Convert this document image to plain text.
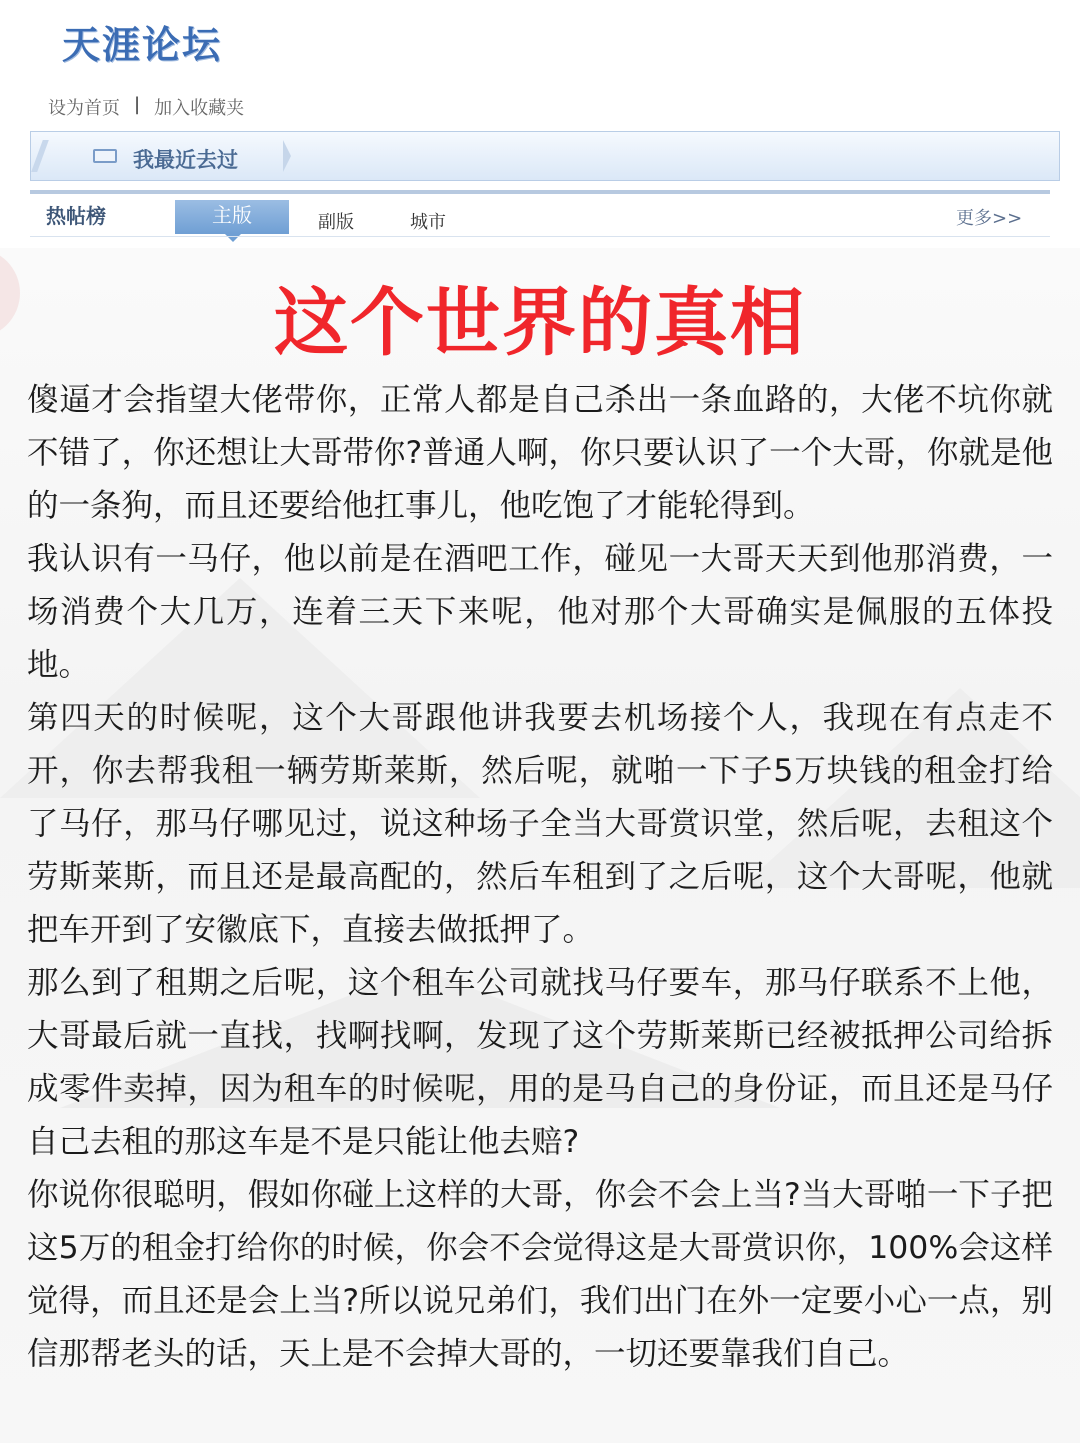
天涯论坛
设为首页 | 加入收藏夹
我最近去过
热帖榜	主版	副版	城市	更多>>
这个世界的真相

傻逼才会指望大佬带你，正常人都是自己杀出一条血路的，大佬不坑你就不错了，你还想让大哥带你?普通人啊，你只要认识了一个大哥，你就是他的一条狗，而且还要给他扛事儿，他吃饱了才能轮得到。

我认识有一马仔，他以前是在酒吧工作，碰见一大哥天天到他那消费，一场消费个大几万，连着三天下来呢，他对那个大哥确实是佩服的五体投地。

第四天的时候呢，这个大哥跟他讲我要去机场接个人，我现在有点走不开，你去帮我租一辆劳斯莱斯，然后呢，就啪一下子5万块钱的租金打给了马仔，那马仔哪见过，说这种场子全当大哥赏识堂，然后呢，去租这个劳斯莱斯，而且还是最高配的，然后车租到了之后呢，这个大哥呢，他就把车开到了安徽底下，直接去做抵押了。

那么到了租期之后呢，这个租车公司就找马仔要车，那马仔联系不上他，大哥最后就一直找，找啊找啊，发现了这个劳斯莱斯已经被抵押公司给拆成零件卖掉，因为租车的时候呢，用的是马自己的身份证，而且还是马仔自己去租的那这车是不是只能让他去赔?

你说你很聪明，假如你碰上这样的大哥，你会不会上当?当大哥啪一下子把这5万的租金打给你的时候，你会不会觉得这是大哥赏识你，100%会这样觉得，而且还是会上当?所以说兄弟们，我们出门在外一定要小心一点，别信那帮老头的话，天上是不会掉大哥的，一切还要靠我们自己。
